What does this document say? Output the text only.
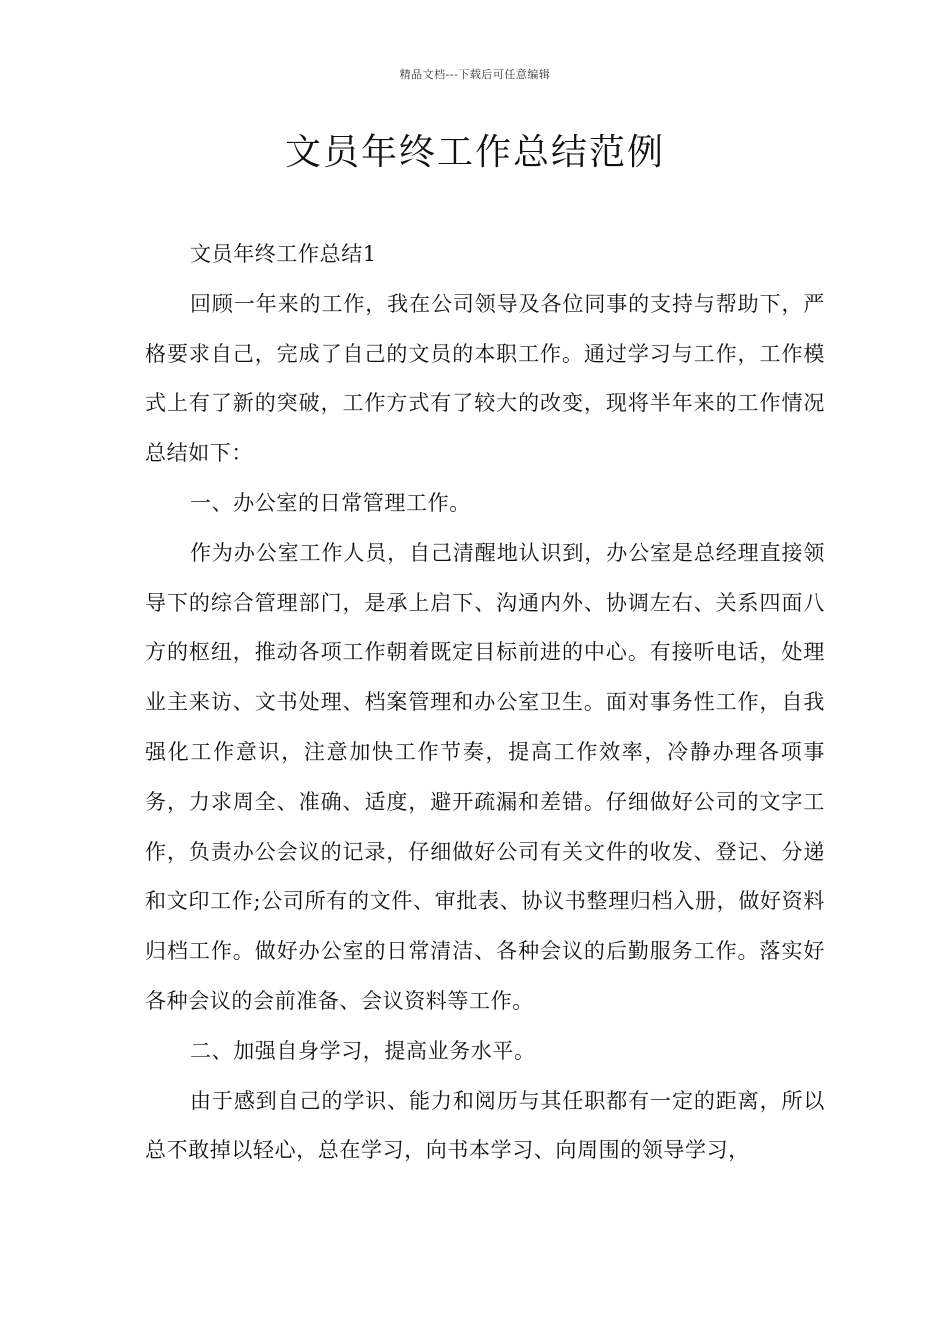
精品文档---下载后可任意编辑
文员年终工作总结范例

文员年终工作总结1

回顾一年来的工作，我在公司领导及各位同事的支持与帮助下，严格要求自己，完成了自己的文员的本职工作。通过学习与工作，工作模式上有了新的突破，工作方式有了较大的改变，现将半年来的工作情况总结如下：

一、办公室的日常管理工作。

作为办公室工作人员，自己清醒地认识到，办公室是总经理直接领导下的综合管理部门，是承上启下、沟通内外、协调左右、关系四面八方的枢纽，推动各项工作朝着既定目标前进的中心。有接听电话，处理业主来访、文书处理、档案管理和办公室卫生。面对事务性工作，自我强化工作意识，注意加快工作节奏，提高工作效率，冷静办理各项事务，力求周全、准确、适度，避开疏漏和差错。仔细做好公司的文字工作，负责办公会议的记录，仔细做好公司有关文件的收发、登记、分递和文印工作;公司所有的文件、审批表、协议书整理归档入册，做好资料归档工作。做好办公室的日常清洁、各种会议的后勤服务工作。落实好各种会议的会前准备、会议资料等工作。

二、加强自身学习，提高业务水平。

由于感到自己的学识、能力和阅历与其任职都有一定的距离，所以总不敢掉以轻心，总在学习，向书本学习、向周围的领导学习，
